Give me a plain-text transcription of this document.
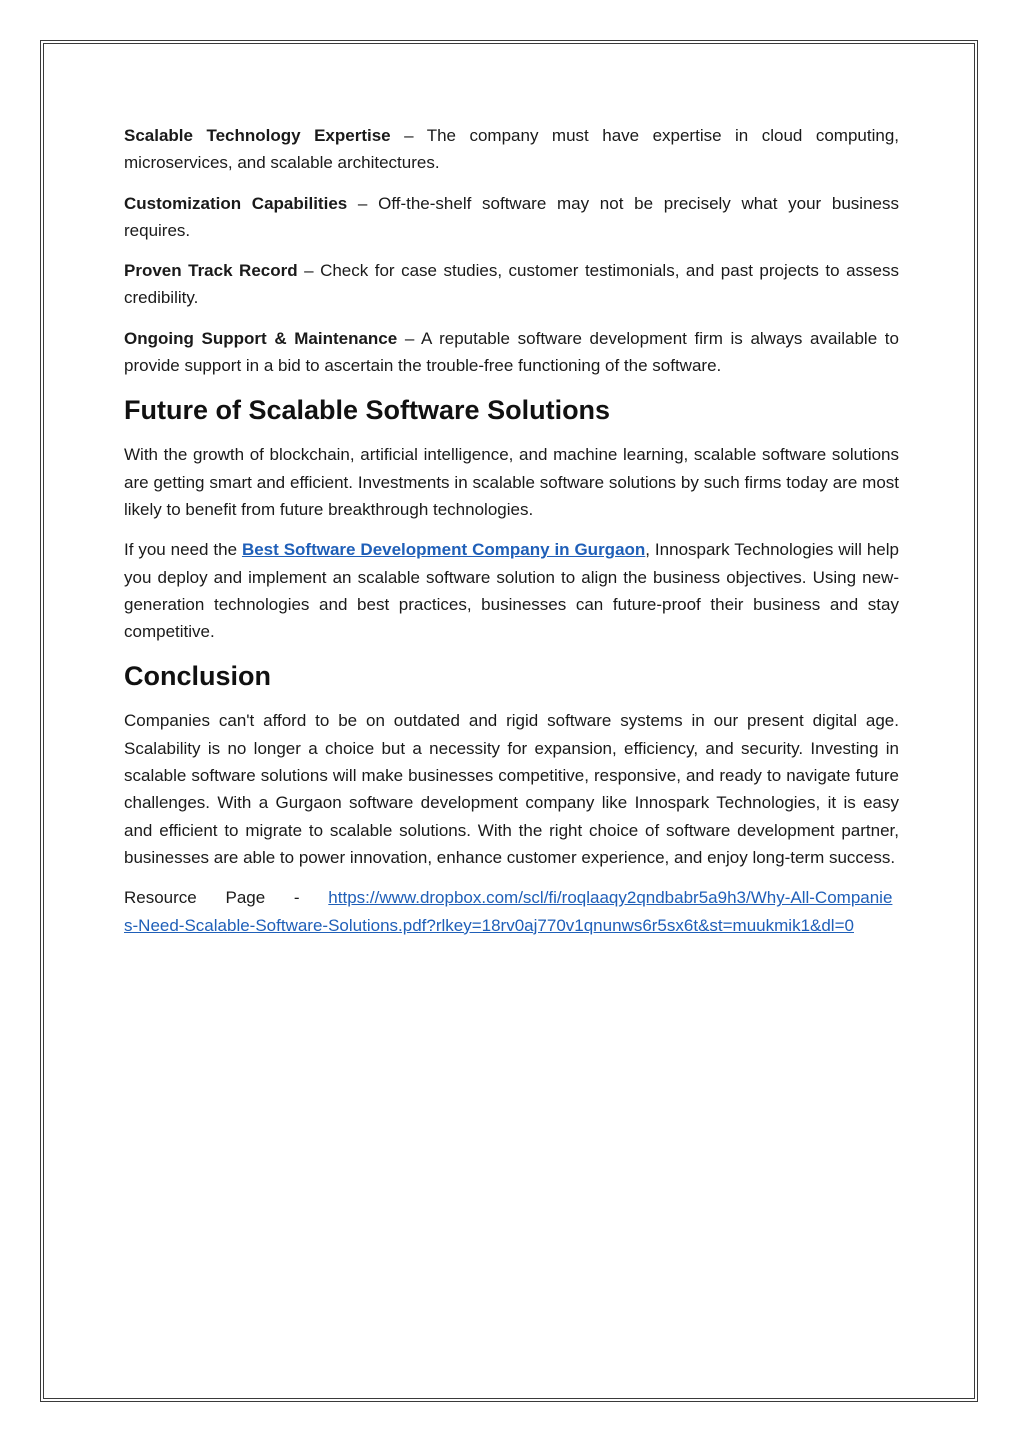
Scalable Technology Expertise – The company must have expertise in cloud computing, microservices, and scalable architectures.

Customization Capabilities – Off-the-shelf software may not be precisely what your business requires.

Proven Track Record – Check for case studies, customer testimonials, and past projects to assess credibility.

Ongoing Support & Maintenance – A reputable software development firm is always available to provide support in a bid to ascertain the trouble-free functioning of the software.

Future of Scalable Software Solutions

With the growth of blockchain, artificial intelligence, and machine learning, scalable software solutions are getting smart and efficient. Investments in scalable software solutions by such firms today are most likely to benefit from future breakthrough technologies.

If you need the Best Software Development Company in Gurgaon, Innospark Technologies will help you deploy and implement an scalable software solution to align the business objectives. Using new-generation technologies and best practices, businesses can future-proof their business and stay competitive.

Conclusion

Companies can't afford to be on outdated and rigid software systems in our present digital age. Scalability is no longer a choice but a necessity for expansion, efficiency, and security. Investing in scalable software solutions will make businesses competitive, responsive, and ready to navigate future challenges. With a Gurgaon software development company like Innospark Technologies, it is easy and efficient to migrate to scalable solutions. With the right choice of software development partner, businesses are able to power innovation, enhance customer experience, and enjoy long-term success.

Resource Page - https://www.dropbox.com/scl/fi/roqlaaqy2qndbabr5a9h3/Why-All-Companies-Need-Scalable-Software-Solutions.pdf?rlkey=18rv0aj770v1qnunws6r5sx6t&st=muukmik1&dl=0
